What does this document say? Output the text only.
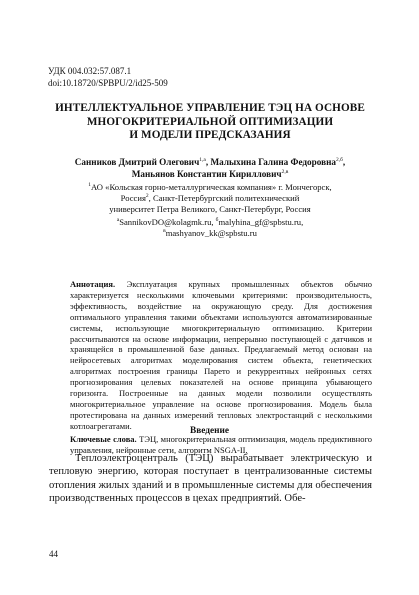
УДК 004.032:57.087.1
doi:10.18720/SPBPU/2/id25-509
ИНТЕЛЛЕКТУАЛЬНОЕ УПРАВЛЕНИЕ ТЭЦ НА ОСНОВЕ
МНОГОКРИТЕРИАЛЬНОЙ ОПТИМИЗАЦИИ
И МОДЕЛИ ПРЕДСКАЗАНИЯ
Санников Дмитрий Олегович$^{1,а}$, Малыхина Галина Федоровна$^{2,б}$,
Маньянов Константин Кириллович$^{2,в}$
$^1$АО «Кольская горно-металлургическая компания» г. Мончегорск,
Россия$^2$, Санкт-Петербургский политехнический
университет Петра Великого, Санкт-Петербург, Россия
$^а$SannikovDO@kolagmk.ru, $^б$malyhina_gf@spbstu.ru,
$^в$mashyanov_kk@spbstu.ru

Аннотация. Эксплуатация крупных промышленных объектов обычно характеризуется несколькими ключевыми критериями: производительность, эффективность, воздействие на окружающую среду. Для достижения оптимального управления такими объектами используются автоматизированные системы, использующие многокритериальную оптимизацию. Критерии рассчитываются на основе информации, непрерывно поступающей с датчиков и хранящейся в промышленной базе данных. Предлагаемый метод основан на нейросетевых алгоритмах моделирования систем объекта, генетических алгоритмах построения границы Парето и рекуррентных нейронных сетях прогнозирования целевых показателей на основе принципа убывающего горизонта. Построенные на данных модели позволили осуществлять многокритериальное управление на основе прогнозирования. Модель была протестирована на данных измерений тепловых электростанций с несколькими котлоагрегатами.

Ключевые слова. ТЭЦ, многокритериальная оптимизация, модель предиктивного управления, нейронные сети, алгоритм NSGA-II.

Введение

Теплоэлектроцентраль (ТЭЦ) вырабатывает электрическую и тепловую энергию, которая поступает в централизованные системы отопления жилых зданий и в промышленные системы для обеспечения производственных процессов в цехах предприятий. Обе-

44
